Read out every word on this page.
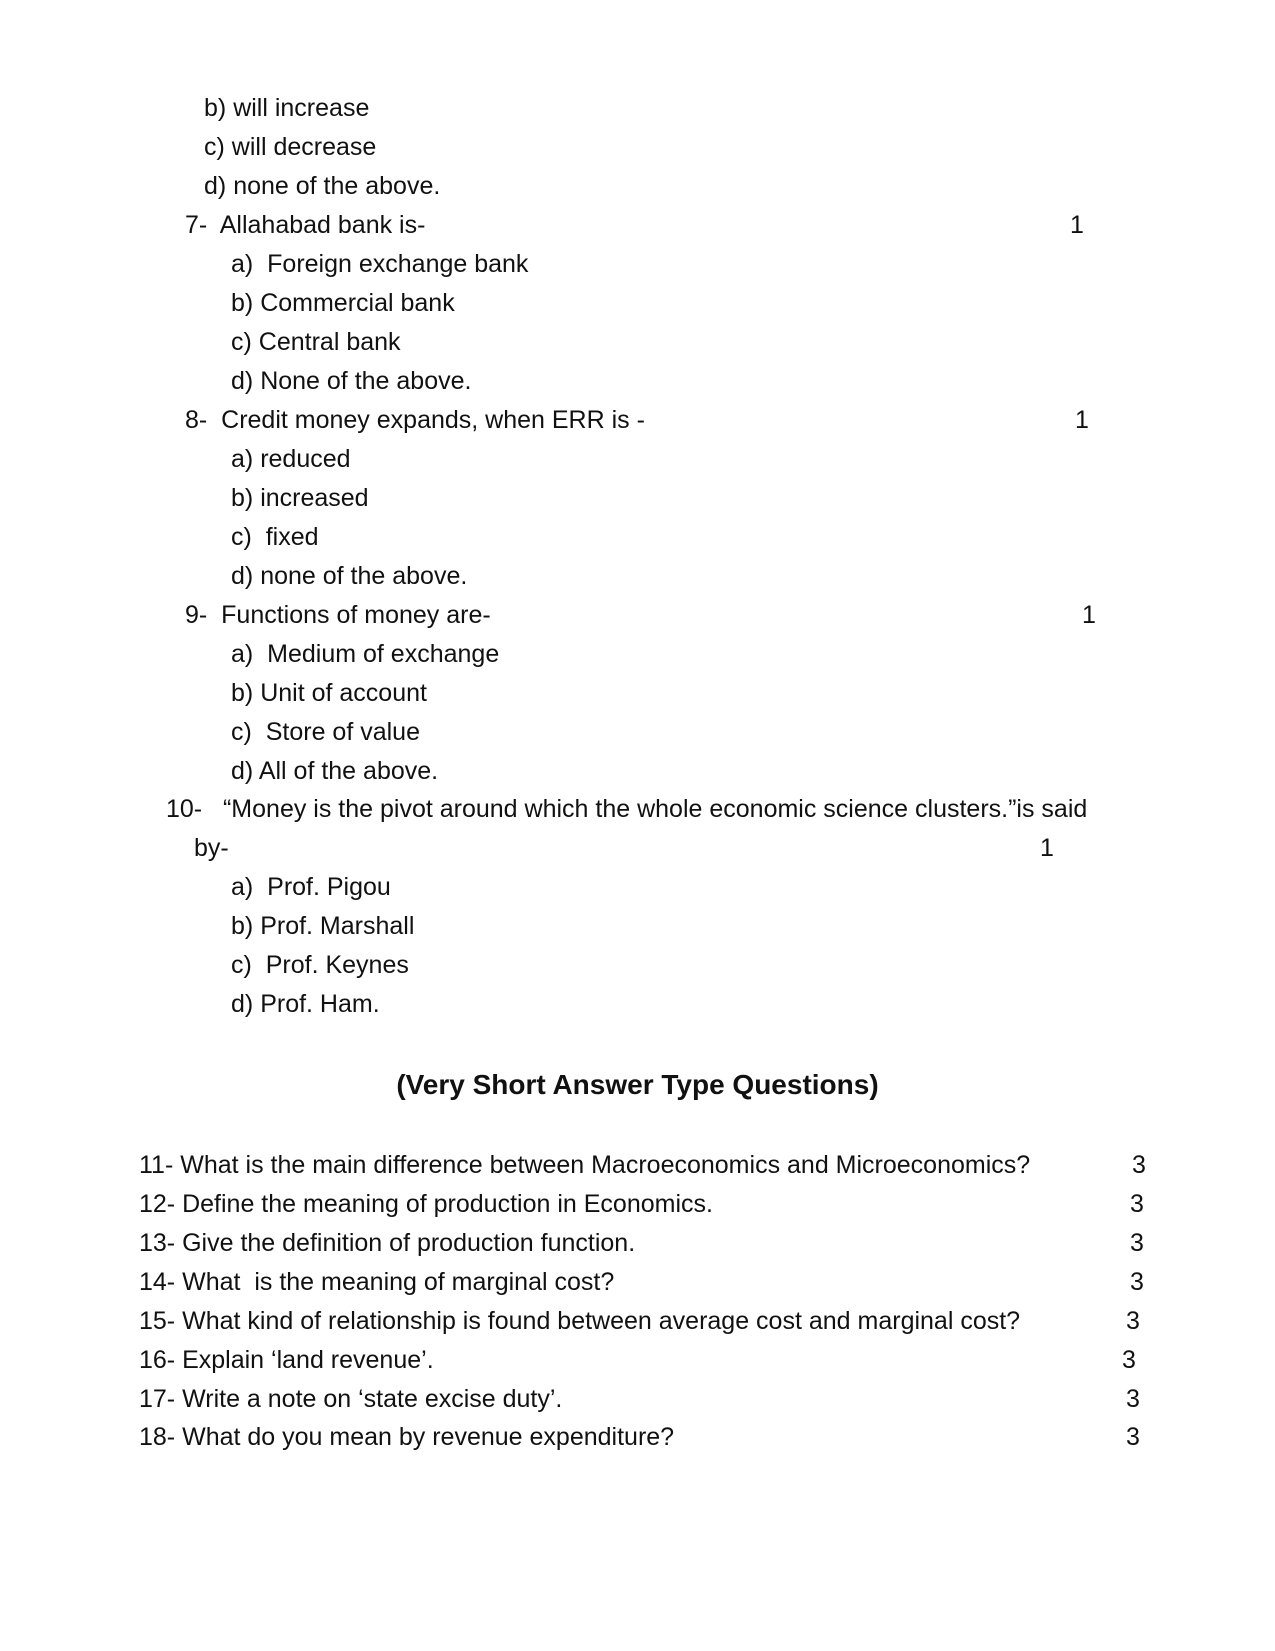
b) will increase
c) will decrease
d) none of the above.
7- Allahabad bank is-	1
a) Foreign exchange bank
b) Commercial bank
c) Central bank
d) None of the above.
8- Credit money expands, when ERR is -	1
a) reduced
b) increased
c) fixed
d) none of the above.
9- Functions of money are-	1
a) Medium of exchange
b) Unit of account
c) Store of value
d) All of the above.
10- “Money is the pivot around which the whole economic science clusters.”is said
by-	1
a) Prof. Pigou
b) Prof. Marshall
c) Prof. Keynes
d) Prof. Ham.
(Very Short Answer Type Questions)
11- What is the main difference between Macroeconomics and Microeconomics?	3
12- Define the meaning of production in Economics.	3
13- Give the definition of production function.	3
14- What  is the meaning of marginal cost?	3
15- What kind of relationship is found between average cost and marginal cost?	3
16- Explain ‘land revenue’.	3
17- Write a note on ‘state excise duty’.	3
18- What do you mean by revenue expenditure?	3
